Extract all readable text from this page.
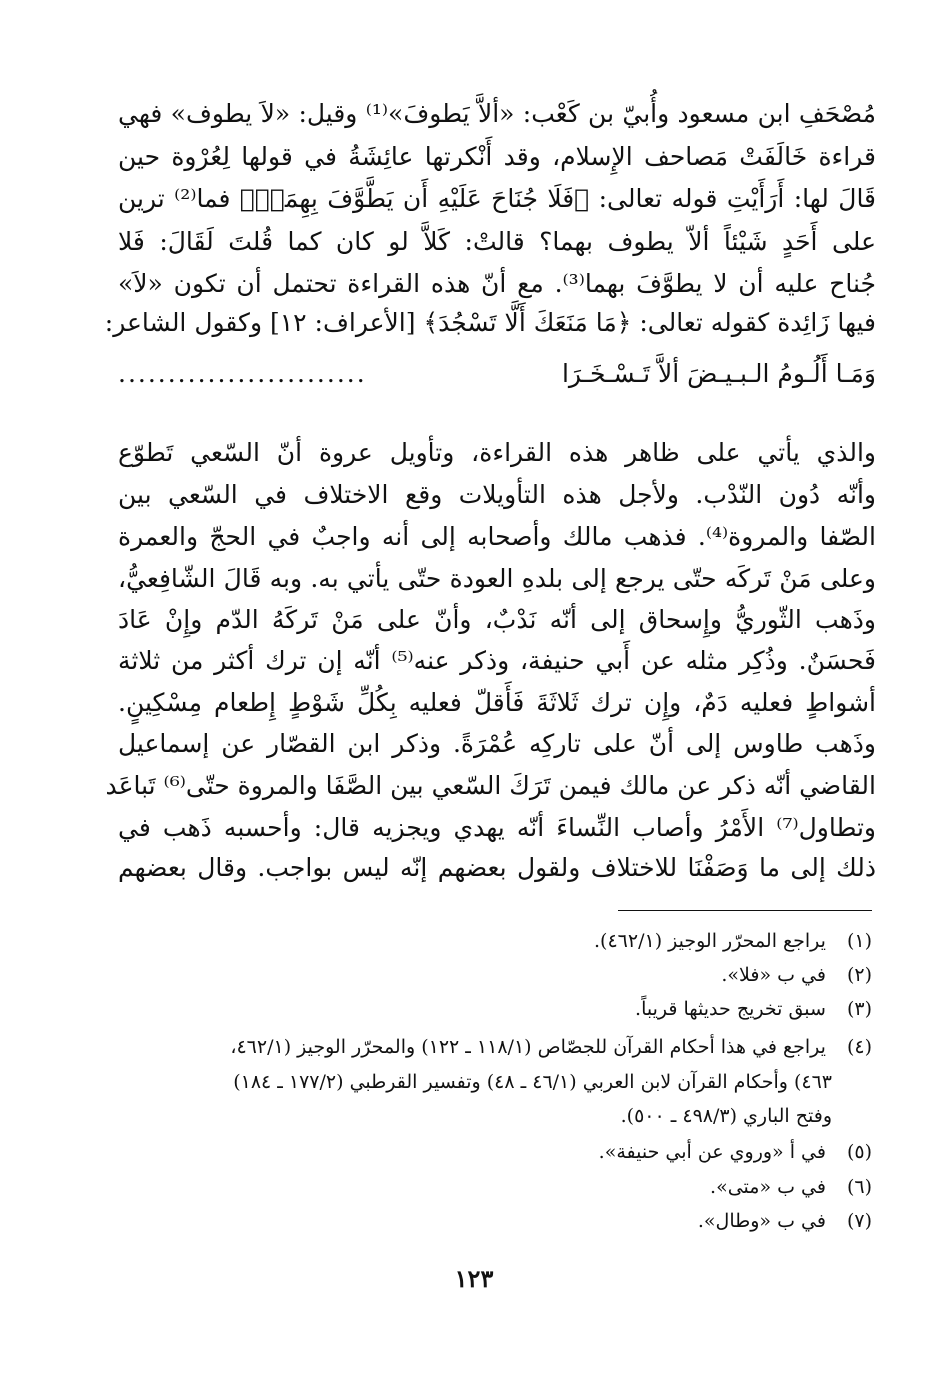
مُصْحَفِ ابن مسعود وأُبيّ بن كَعْب: «ألاَّ يَطوفَ»⁽¹⁾ وقيل: «لاَ يطوف» فهي
قراءة خَالَفَتْ مَصاحف الإِسلام، وقد أَنْكرتها عائِشَةُ في قولها لِعُرْوة حين
قَالَ لها: أَرَأَيْتِ قوله تعالى: ﴿فَلَا جُنَاحَ عَلَيْهِ أَن يَطَّوَّفَ بِهِمَاۚ﴾ فما⁽²⁾ ترين
على أَحَدٍ شَيْئاً ألاّ يطوف بهما؟ قالتْ: كَلاَّ لو كان كما قُلتَ لَقَالَ: فَلا
جُناح عليه أن لا يطوَّفَ بهما⁽³⁾. مع أنّ هذه القراءة تحتمل أن تكون «لاَ»
فيها زَائِدة كقوله تعالى: ﴿مَا مَنَعَكَ أَلَّا تَسْجُدَ﴾ [الأعراف: ١٢] وكقول الشاعر:
وَمَـا أَلُـومُ الـبـيـضَ ألاَّ تَـسْـخَـرَا
.........................
والذي يأتي على ظاهر هذه القراءة، وتأويل عروة أنّ السّعي تَطوّع
وأنّه دُون النّدْب. ولأجل هذه التأويلات وقع الاختلاف في السّعي بين
الصّفا والمروة⁽⁴⁾. فذهب مالك وأصحابه إلى أنه واجبٌ في الحجّ والعمرة
وعلى مَنْ تَركَه حتّى يرجع إلى بلدهِ العودة حتّى يأتي به. وبه قَالَ الشّافِعيُّ،
وذَهب الثّوريُّ وإِسحاق إلى أنّه نَدْبٌ، وأنّ على مَنْ تَركَهُ الدّم وإِنْ عَادَ
فَحسَنٌ. وذُكِر مثله عن أَبي حنيفة، وذكر عنه⁽⁵⁾ أنّه إن ترك أكثر من ثلاثة
أشواطٍ فعليه دَمٌ، وإِن ترك ثَلاثَةَ فَأَقلّ فعليه بِكُلِّ شَوْطٍ إِطعام مِسْكِينٍ.
وذَهب طاوس إلى أنّ على تاركِه عُمْرَةً. وذكر ابن القصّار عن إسماعيل
القاضي أنّه ذكر عن مالك فيمن تَرَكَ السّعي بين الصَّفَا والمروة حتّى⁽⁶⁾ تَباعَد
وتطاول⁽⁷⁾ الأَمْرُ وأصاب النِّساءَ أنّه يهدي ويجزيه قال: وأحسبه ذَهب في
ذلك إلى ما وَصَفْنَا للاختلاف ولقول بعضهم إنّه ليس بواجب. وقال بعضهم
(١) يراجع المحرّر الوجيز (٤٦٢/١).
(٢) في ب «فلا».
(٣) سبق تخريج حديثها قريباً.
(٤) يراجع في هذا أحكام القرآن للجصّاص (١١٨/١ ـ ١٢٢) والمحرّر الوجيز (٤٦٢/١،
٤٦٣) وأحكام القرآن لابن العربي (٤٦/١ ـ ٤٨) وتفسير القرطبي (١٧٧/٢ ـ ١٨٤)
وفتح الباري (٤٩٨/٣ ـ ٥٠٠).
(٥) في أ «وروي عن أبي حنيفة».
(٦) في ب «متى».
(٧) في ب «وطال».
١٢٣
